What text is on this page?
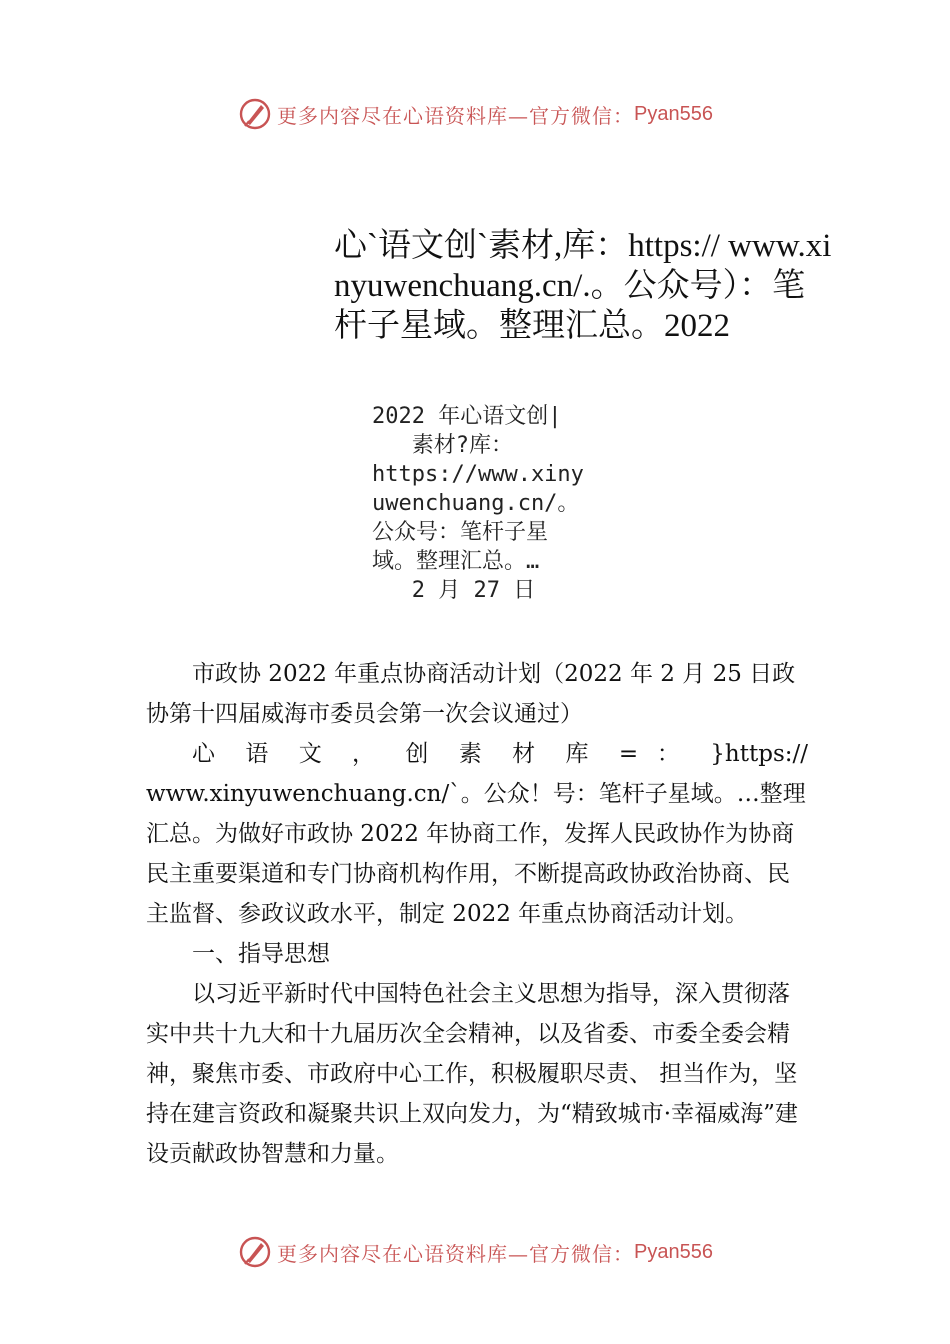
更多内容尽在心语资料库—官方微信： Pyan556
心`语文创`素材,库：https:// www.xinyuwenchuang.cn/.。公众号）：笔杆子星域。整理汇总。2022
2022 年心语文创|
素材?库：
https://www.xiny
uwenchuang.cn/。
公众号：笔杆子星
域。整理汇总。…
2 月 27 日

市政协 2022 年重点协商活动计划（2022 年 2 月 25 日政协第十四届威海市委员会第一次会议通过）

心 语 文 ， 创 素 材 库 = ： }https://

www.xinyuwenchuang.cn/`。公众！号：笔杆子星域。…整理汇总。为做好市政协 2022 年协商工作，发挥人民政协作为协商民主重要渠道和专门协商机构作用，不断提高政协政治协商、民主监督、参政议政水平，制定 2022 年重点协商活动计划。

一、指导思想

以习近平新时代中国特色社会主义思想为指导，深入贯彻落实中共十九大和十九届历次全会精神，以及省委、市委全委会精神，聚焦市委、市政府中心工作，积极履职尽责、 担当作为，坚持在建言资政和凝聚共识上双向发力，为“精致城市·幸福威海”建设贡献政协智慧和力量。

更多内容尽在心语资料库—官方微信： Pyan556
